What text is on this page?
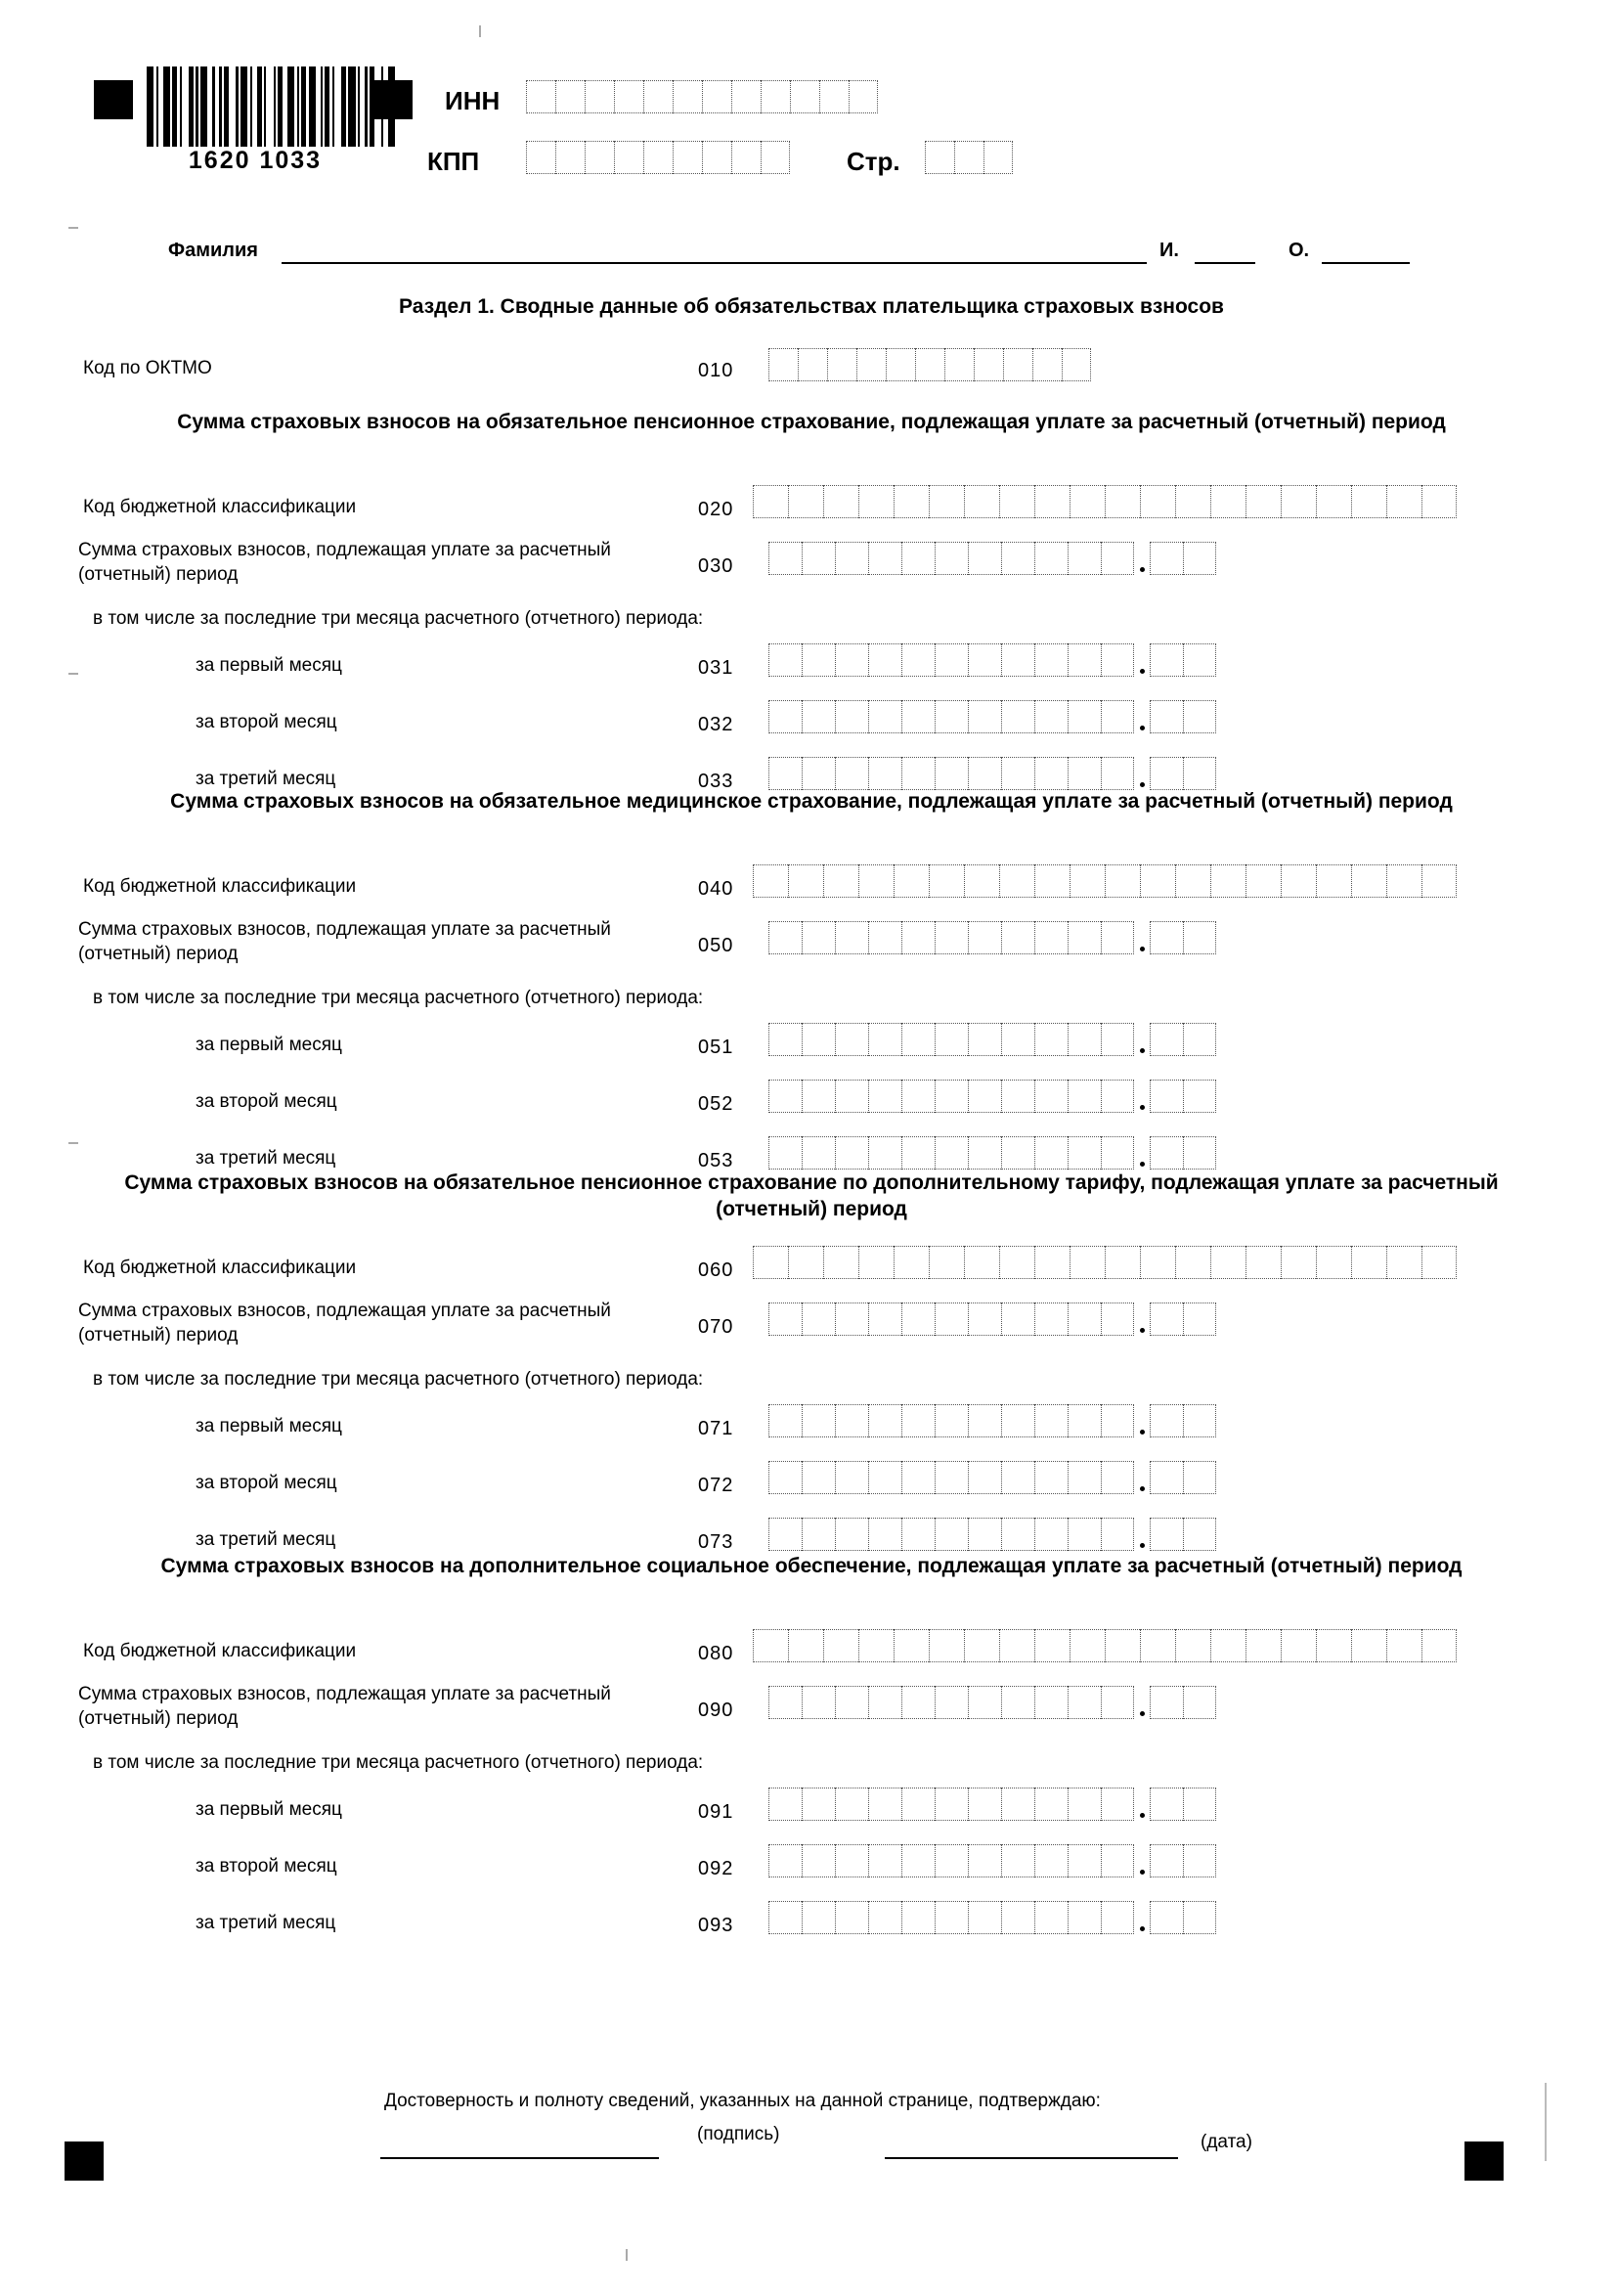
1620 1033
ИНН
КПП	Стр.
Фамилия	И.	О.
Раздел 1. Сводные данные об обязательствах плательщика страховых взносов
Код по ОКТМО	010
Сумма страховых взносов на обязательное пенсионное страхование, подлежащая уплате за расчетный (отчетный) период
Код бюджетной классификации	020
Сумма страховых взносов, подлежащая уплате за расчетный (отчетный) период	030
в том числе за последние три месяца расчетного (отчетного) периода:
за первый месяц	031
за второй месяц	032
за третий месяц	033
Сумма страховых взносов на обязательное медицинское страхование, подлежащая уплате за расчетный (отчетный) период
Код бюджетной классификации	040
Сумма страховых взносов, подлежащая уплате за расчетный (отчетный) период	050
в том числе за последние три месяца расчетного (отчетного) периода:
за первый месяц	051
за второй месяц	052
за третий месяц	053
Сумма страховых взносов на обязательное пенсионное страхование по дополнительному тарифу, подлежащая уплате за расчетный (отчетный) период
Код бюджетной классификации	060
Сумма страховых взносов, подлежащая уплате за расчетный (отчетный) период	070
в том числе за последние три месяца расчетного (отчетного) периода:
за первый месяц	071
за второй месяц	072
за третий месяц	073
Сумма страховых взносов на дополнительное социальное обеспечение, подлежащая уплате за расчетный (отчетный) период
Код бюджетной классификации	080
Сумма страховых взносов, подлежащая уплате за расчетный (отчетный) период	090
в том числе за последние три месяца расчетного (отчетного) периода:
за первый месяц	091
за второй месяц	092
за третий месяц	093
Достоверность и полноту сведений, указанных на данной странице, подтверждаю:
(подпись)	(дата)
